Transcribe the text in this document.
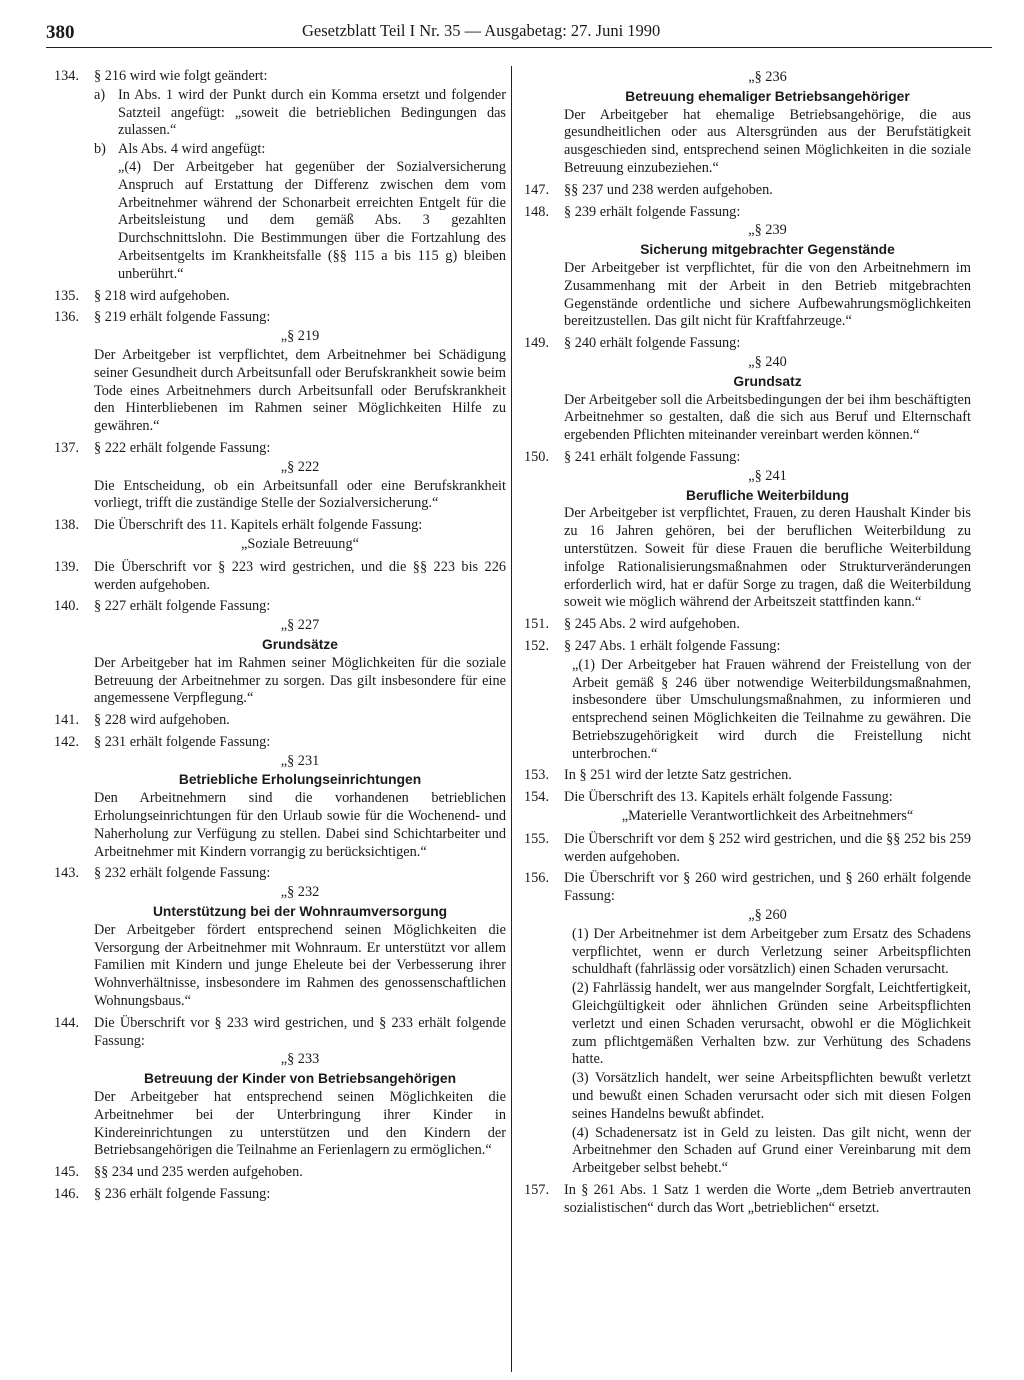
380	Gesetzblatt Teil I Nr. 35 — Ausgabetag: 27. Juni 1990
134.	§ 216 wird wie folgt geändert:

a) In Abs. 1 wird der Punkt durch ein Komma ersetzt und folgender Satzteil angefügt: „soweit die betrieblichen Bedingungen das zulassen.“
b) Als Abs. 4 wird angefügt:

„(4) Der Arbeitgeber hat gegenüber der Sozialversicherung Anspruch auf Erstattung der Differenz zwischen dem vom Arbeitnehmer während der Schonarbeit erreichten Entgelt für die Arbeitsleistung und dem gemäß Abs. 3 gezahlten Durchschnittslohn. Die Bestimmungen über die Fortzahlung des Arbeitsentgelts im Krankheitsfalle (§§ 115 a bis 115 g) bleiben unberührt.“

135.	§ 218 wird aufgehoben.

136.	§ 219 erhält folgende Fassung:

„§ 219
Der Arbeitgeber ist verpflichtet, dem Arbeitnehmer bei Schädigung seiner Gesundheit durch Arbeitsunfall oder Berufskrankheit sowie beim Tode eines Arbeitnehmers durch Arbeitsunfall oder Berufskrankheit den Hinterbliebenen im Rahmen seiner Möglichkeiten Hilfe zu gewähren.“
137.	§ 222 erhält folgende Fassung:

„§ 222
Die Entscheidung, ob ein Arbeitsunfall oder eine Berufskrankheit vorliegt, trifft die zuständige Stelle der Sozialversicherung.“
138.	Die Überschrift des 11. Kapitels erhält folgende Fassung:

„Soziale Betreuung“
139.	Die Überschrift vor § 223 wird gestrichen, und die §§ 223 bis 226 werden aufgehoben.

140.	§ 227 erhält folgende Fassung:

„§ 227
Grundsätze
Der Arbeitgeber hat im Rahmen seiner Möglichkeiten für die soziale Betreuung der Arbeitnehmer zu sorgen. Das gilt insbesondere für eine angemessene Verpflegung.“
141.	§ 228 wird aufgehoben.

142.	§ 231 erhält folgende Fassung:

„§ 231
Betriebliche Erholungseinrichtungen
Den Arbeitnehmern sind die vorhandenen betrieblichen Erholungseinrichtungen für den Urlaub sowie für die Wochenend- und Naherholung zur Verfügung zu stellen. Dabei sind Schichtarbeiter und Arbeitnehmer mit Kindern vorrangig zu berücksichtigen.“
143.	§ 232 erhält folgende Fassung:

„§ 232
Unterstützung bei der Wohnraumversorgung
Der Arbeitgeber fördert entsprechend seinen Möglichkeiten die Versorgung der Arbeitnehmer mit Wohnraum. Er unterstützt vor allem Familien mit Kindern und junge Eheleute bei der Verbesserung ihrer Wohnverhältnisse, insbesondere im Rahmen des genossenschaftlichen Wohnungsbaus.“
144.	Die Überschrift vor § 233 wird gestrichen, und § 233 erhält folgende Fassung:

„§ 233
Betreuung der Kinder von Betriebsangehörigen
Der Arbeitgeber hat entsprechend seinen Möglichkeiten die Arbeitnehmer bei der Unterbringung ihrer Kinder in Kindereinrichtungen zu unterstützen und den Kindern der Betriebsangehörigen die Teilnahme an Ferienlagern zu ermöglichen.“
145.	§§ 234 und 235 werden aufgehoben.

146.	§ 236 erhält folgende Fassung:

„§ 236
Betreuung ehemaliger Betriebsangehöriger
Der Arbeitgeber hat ehemalige Betriebsangehörige, die aus gesundheitlichen oder aus Altersgründen aus der Berufstätigkeit ausgeschieden sind, entsprechend seinen Möglichkeiten in die soziale Betreuung einzubeziehen.“
147.	§§ 237 und 238 werden aufgehoben.

148.	§ 239 erhält folgende Fassung:

„§ 239
Sicherung mitgebrachter Gegenstände
Der Arbeitgeber ist verpflichtet, für die von den Arbeitnehmern im Zusammenhang mit der Arbeit in den Betrieb mitgebrachten Gegenstände ordentliche und sichere Aufbewahrungsmöglichkeiten bereitzustellen. Das gilt nicht für Kraftfahrzeuge.“
149.	§ 240 erhält folgende Fassung:

„§ 240
Grundsatz
Der Arbeitgeber soll die Arbeitsbedingungen der bei ihm beschäftigten Arbeitnehmer so gestalten, daß die sich aus Beruf und Elternschaft ergebenden Pflichten miteinander vereinbart werden können.“
150.	§ 241 erhält folgende Fassung:

„§ 241
Berufliche Weiterbildung
Der Arbeitgeber ist verpflichtet, Frauen, zu deren Haushalt Kinder bis zu 16 Jahren gehören, bei der beruflichen Weiterbildung zu unterstützen. Soweit für diese Frauen die berufliche Weiterbildung infolge Rationalisierungsmaßnahmen oder Strukturveränderungen erforderlich wird, hat er dafür Sorge zu tragen, daß die Weiterbildung soweit wie möglich während der Arbeitszeit stattfinden kann.“
151.	§ 245 Abs. 2 wird aufgehoben.

152.	§ 247 Abs. 1 erhält folgende Fassung:

„(1) Der Arbeitgeber hat Frauen während der Freistellung von der Arbeit gemäß § 246 über notwendige Weiterbildungsmaßnahmen, insbesondere über Umschulungsmaßnahmen, zu informieren und entsprechend seinen Möglichkeiten die Teilnahme zu gewähren. Die Betriebszugehörigkeit wird durch die Freistellung nicht unterbrochen.“
153.	In § 251 wird der letzte Satz gestrichen.

154.	Die Überschrift des 13. Kapitels erhält folgende Fassung:

„Materielle Verantwortlichkeit des Arbeitnehmers“
155.	Die Überschrift vor dem § 252 wird gestrichen, und die §§ 252 bis 259 werden aufgehoben.

156.	Die Überschrift vor § 260 wird gestrichen, und § 260 erhält folgende Fassung:

„§ 260
(1) Der Arbeitnehmer ist dem Arbeitgeber zum Ersatz des Schadens verpflichtet, wenn er durch Verletzung seiner Arbeitspflichten schuldhaft (fahrlässig oder vorsätzlich) einen Schaden verursacht.
(2) Fahrlässig handelt, wer aus mangelnder Sorgfalt, Leichtfertigkeit, Gleichgültigkeit oder ähnlichen Gründen seine Arbeitspflichten verletzt und einen Schaden verursacht, obwohl er die Möglichkeit zum pflichtgemäßen Verhalten bzw. zur Verhütung des Schadens hatte.
(3) Vorsätzlich handelt, wer seine Arbeitspflichten bewußt verletzt und bewußt einen Schaden verursacht oder sich mit diesen Folgen seines Handelns bewußt abfindet.
(4) Schadenersatz ist in Geld zu leisten. Das gilt nicht, wenn der Arbeitnehmer den Schaden auf Grund einer Vereinbarung mit dem Arbeitgeber selbst behebt.“
157.	In § 261 Abs. 1 Satz 1 werden die Worte „dem Betrieb anvertrauten sozialistischen“ durch das Wort „betrieblichen“ ersetzt.
